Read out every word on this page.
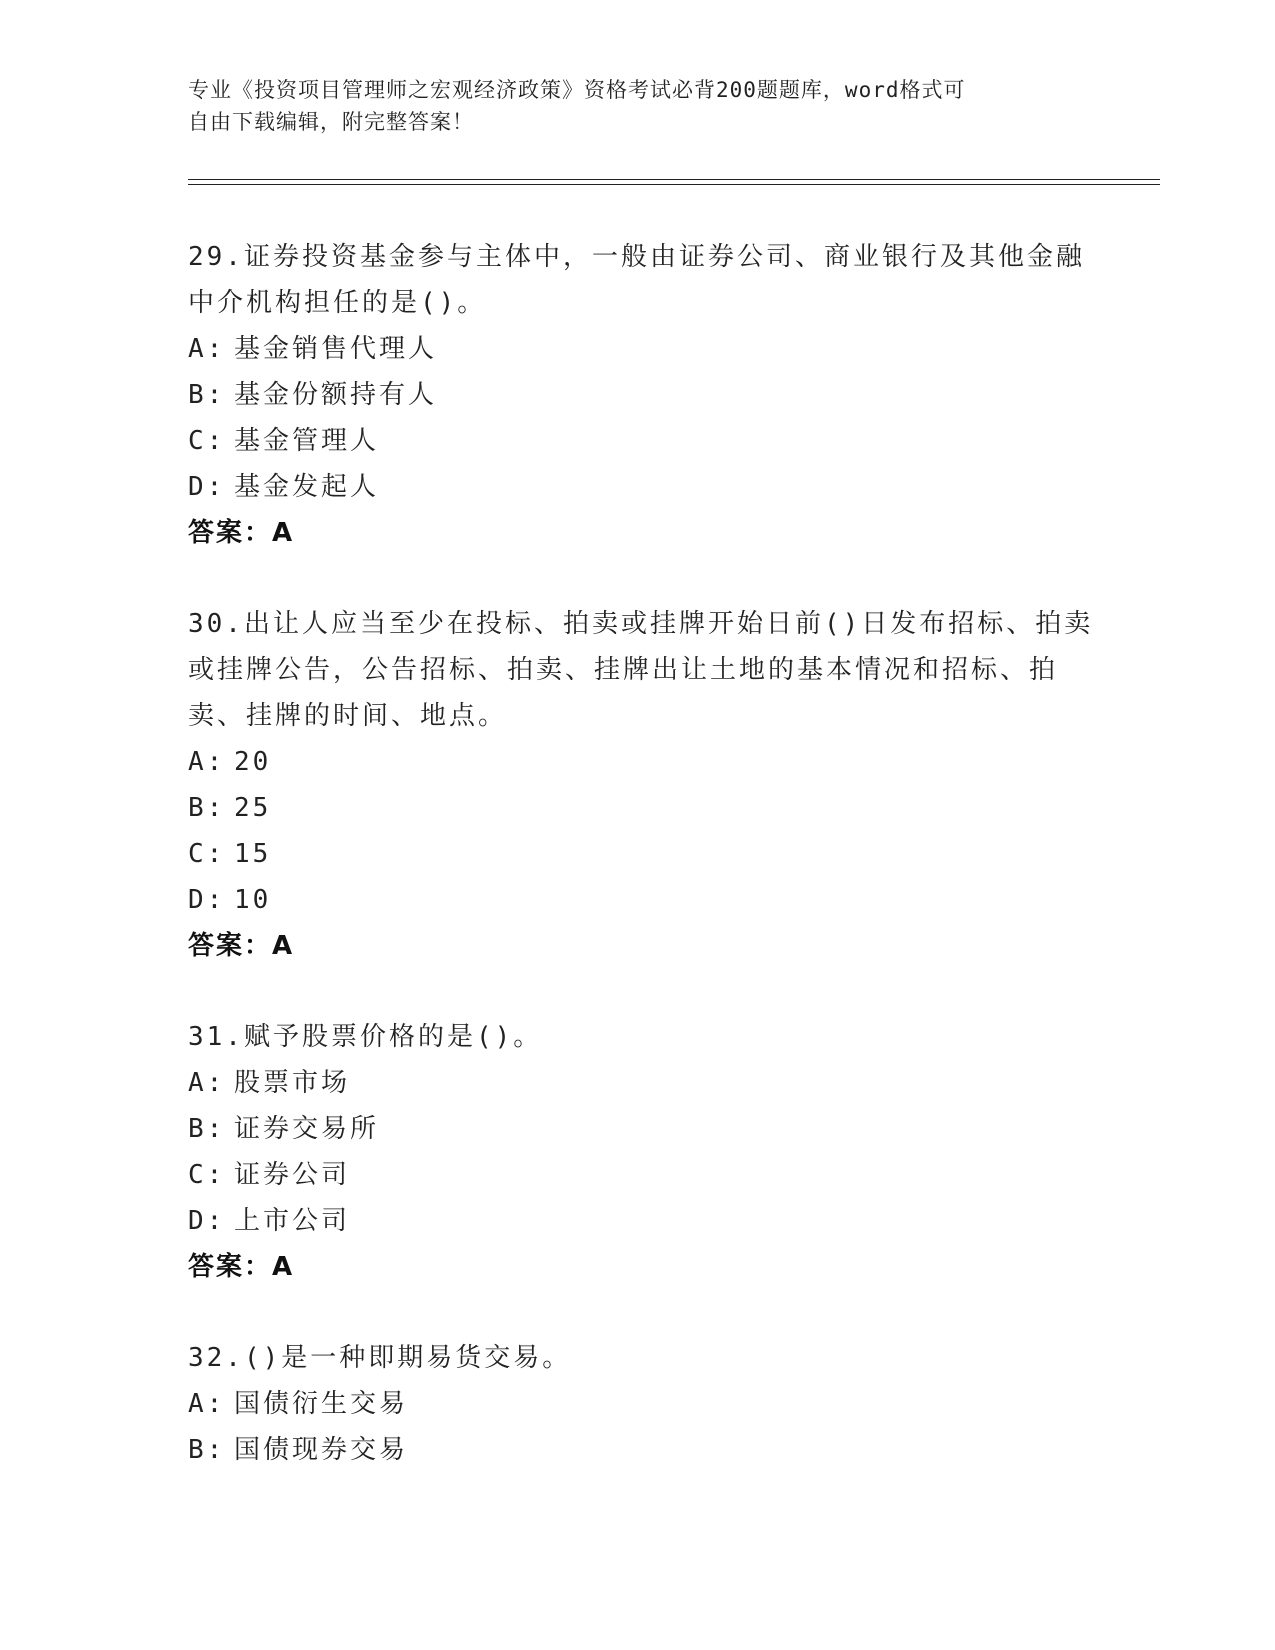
专业《投资项目管理师之宏观经济政策》资格考试必背200题题库，word格式可
自由下载编辑，附完整答案！
29.证券投资基金参与主体中，一般由证券公司、商业银行及其他金融
中介机构担任的是()。
A: 基金销售代理人
B: 基金份额持有人
C: 基金管理人
D: 基金发起人
答案：A
30.出让人应当至少在投标、拍卖或挂牌开始日前()日发布招标、拍卖
或挂牌公告，公告招标、拍卖、挂牌出让土地的基本情况和招标、拍
卖、挂牌的时间、地点。
A: 20
B: 25
C: 15
D: 10
答案：A
31.赋予股票价格的是()。
A: 股票市场
B: 证券交易所
C: 证券公司
D: 上市公司
答案：A
32.()是一种即期易货交易。
A: 国债衍生交易
B: 国债现券交易
